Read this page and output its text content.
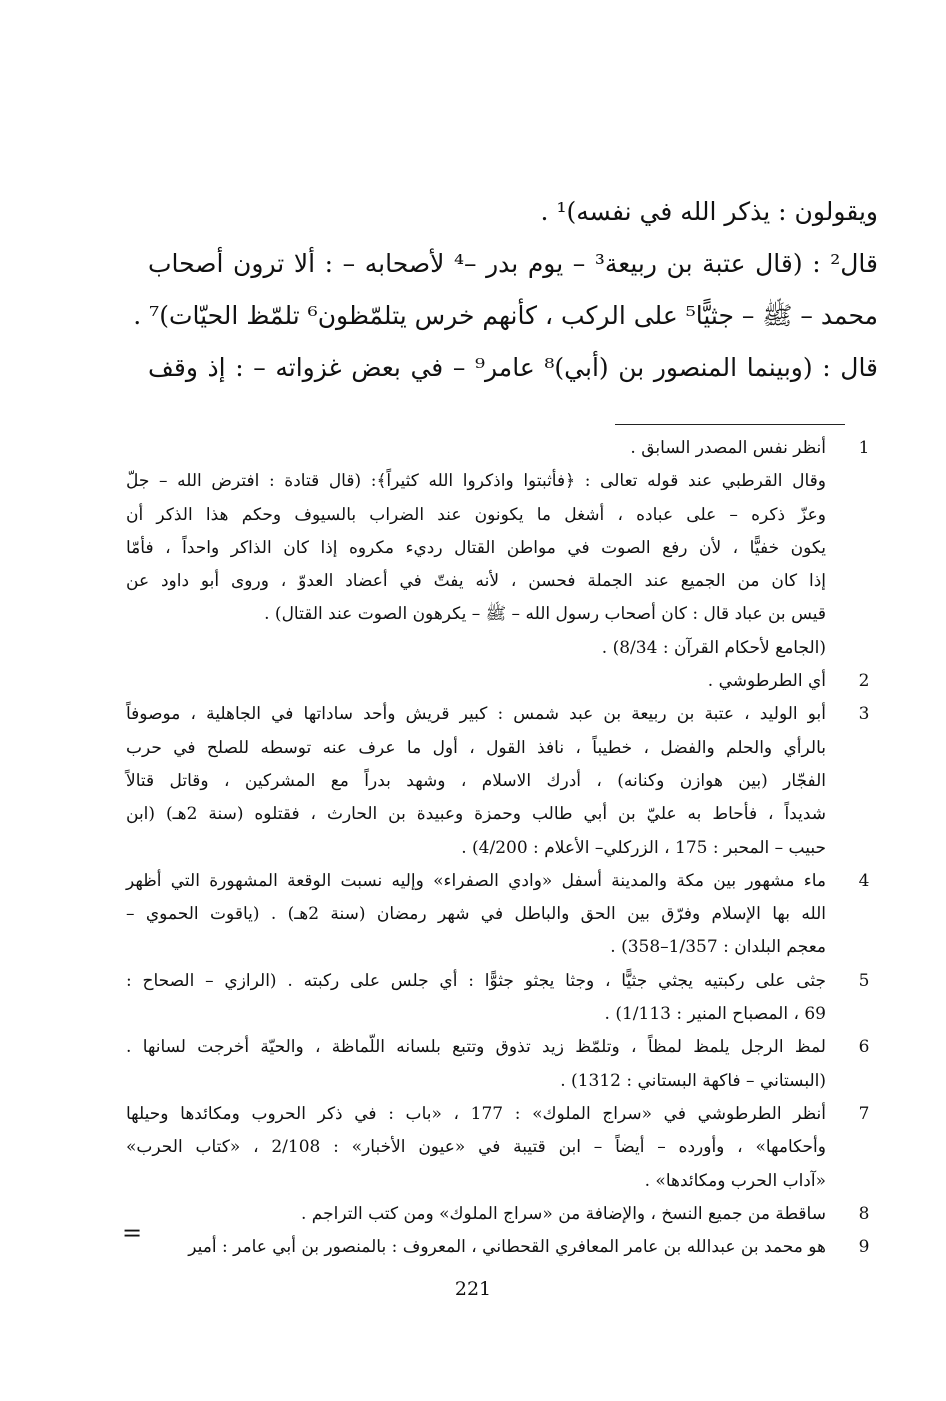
ويقولون : يذكر الله في نفسه)¹ .
قال² : (قال عتبة بن ربيعة³ – يوم بدر –⁴ لأصحابه – : ألا ترون أصحاب
محمد – ﷺ – جثيًّا⁵ على الركب ، كأنهم خرس يتلمّظون⁶ تلمّظ الحيّات)⁷ .
قال : (وبينما المنصور بن (أبي)⁸ عامر⁹ – في بعض غزواته – : إذ وقف
1
أنظر نفس المصدر السابق .
وقال القرطبي عند قوله تعالى : ﴿فأثبتوا واذكروا الله كثيراً﴾: (قال قتادة : افترض الله – جلّ
وعزّ ذكره – على عباده ، أشغل ما يكونون عند الضراب بالسيوف وحكم هذا الذكر أن
يكون خفيًّا ، لأن رفع الصوت في مواطن القتال رديء مكروه إذا كان الذاكر واحداً ، فأمّا
إذا كان من الجميع عند الجملة فحسن ، لأنه يفتّ في أعضاد العدوّ ، وروى أبو داود عن
قيس بن عباد قال : كان أصحاب رسول الله – ﷺ – يكرهون الصوت عند القتال) .
(الجامع لأحكام القرآن : 8/34) .
2
أي الطرطوشي .
3
أبو الوليد ، عتبة بن ربيعة بن عبد شمس : كبير قريش وأحد ساداتها في الجاهلية ، موصوفاً
بالرأي والحلم والفضل ، خطيباً ، نافذ القول ، أول ما عرف عنه توسطه للصلح في حرب
الفجّار (بين هوازن وكنانه) ، أدرك الاسلام ، وشهد بدراً مع المشركين ، وقاتل قتالاً
شديداً ، فأحاط به عليّ بن أبي طالب وحمزة وعبيدة بن الحارث ، فقتلوه (سنة 2هـ) (ابن
حبيب – المحبر : 175 ، الزركلي– الأعلام : 4/200) .
4
ماء مشهور بين مكة والمدينة أسفل «وادي الصفراء» وإليه نسبت الوقعة المشهورة التي أظهر
الله بها الإسلام وفرّق بين الحق والباطل في شهر رمضان (سنة 2هـ) . (ياقوت الحموي –
معجم البلدان : 1/357–358) .
5
جثى على ركبتيه يجثي جثيًّا ، وجثا يجثو جثوًّا : أي جلس على ركبته . (الرازي – الصحاح :
69 ، المصباح المنير : 1/113) .
6
لمظ الرجل يلمظ لمظاً ، وتلمّظ زيد تذوق وتتبع بلسانه اللّماظة ، والحيّة أخرجت لسانها .
(البستاني – فاكهة البستاني : 1312) .
7
أنظر الطرطوشي في «سراج الملوك» : 177 ، «باب : في ذكر الحروب ومكائدها وحيلها
وأحكامها» ، وأورده – أيضاً – ابن قتيبة في «عيون الأخبار» : 2/108 ، «كتاب الحرب»
«آداب الحرب ومكائدها» .
8
ساقطة من جميع النسخ ، والإضافة من «سراج الملوك» ومن كتب التراجم .
9
هو محمد بن عبدالله بن عامر المعافري القحطاني ، المعروف : بالمنصور بن أبي عامر : أمير
=
221
